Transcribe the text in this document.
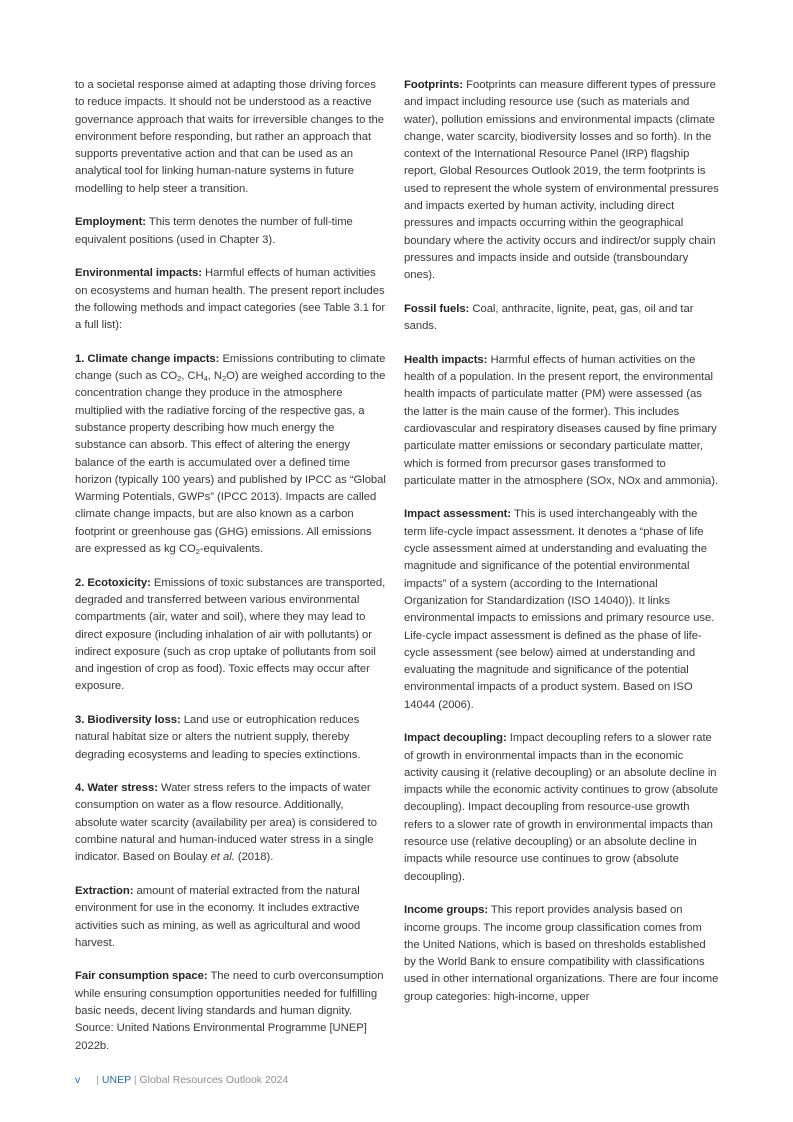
to a societal response aimed at adapting those driving forces to reduce impacts. It should not be understood as a reactive governance approach that waits for irreversible changes to the environment before responding, but rather an approach that supports preventative action and that can be used as an analytical tool for linking human-nature systems in future modelling to help steer a transition.

Employment: This term denotes the number of full-time equivalent positions (used in Chapter 3).

Environmental impacts: Harmful effects of human activities on ecosystems and human health. The present report includes the following methods and impact categories (see Table 3.1 for a full list):

1. Climate change impacts: Emissions contributing to climate change (such as $CO_2$, $CH_4$, $N_2O$) are weighed according to the concentration change they produce in the atmosphere multiplied with the radiative forcing of the respective gas, a substance property describing how much energy the substance can absorb. This effect of altering the energy balance of the earth is accumulated over a defined time horizon (typically 100 years) and published by IPCC as “Global Warming Potentials, GWPs” (IPCC 2013). Impacts are called climate change impacts, but are also known as a carbon footprint or greenhouse gas (GHG) emissions. All emissions are expressed as kg $CO_2$-equivalents.

2. Ecotoxicity: Emissions of toxic substances are transported, degraded and transferred between various environmental compartments (air, water and soil), where they may lead to direct exposure (including inhalation of air with pollutants) or indirect exposure (such as crop uptake of pollutants from soil and ingestion of crop as food). Toxic effects may occur after exposure.

3. Biodiversity loss: Land use or eutrophication reduces natural habitat size or alters the nutrient supply, thereby degrading ecosystems and leading to species extinctions.

4. Water stress: Water stress refers to the impacts of water consumption on water as a flow resource. Additionally, absolute water scarcity (availability per area) is considered to combine natural and human-induced water stress in a single indicator. Based on Boulay et al. (2018).

Extraction: amount of material extracted from the natural environment for use in the economy. It includes extractive activities such as mining, as well as agricultural and wood harvest.

Fair consumption space: The need to curb overconsumption while ensuring consumption opportunities needed for fulfilling basic needs, decent living standards and human dignity. Source: United Nations Environmental Programme [UNEP] 2022b.

Footprints: Footprints can measure different types of pressure and impact including resource use (such as materials and water), pollution emissions and environmental impacts (climate change, water scarcity, biodiversity losses and so forth). In the context of the International Resource Panel (IRP) flagship report, Global Resources Outlook 2019, the term footprints is used to represent the whole system of environmental pressures and impacts exerted by human activity, including direct pressures and impacts occurring within the geographical boundary where the activity occurs and indirect/or supply chain pressures and impacts inside and outside (transboundary ones).

Fossil fuels: Coal, anthracite, lignite, peat, gas, oil and tar sands.

Health impacts: Harmful effects of human activities on the health of a population. In the present report, the environmental health impacts of particulate matter (PM) were assessed (as the latter is the main cause of the former). This includes cardiovascular and respiratory diseases caused by fine primary particulate matter emissions or secondary particulate matter, which is formed from precursor gases transformed to particulate matter in the atmosphere (SOx, NOx and ammonia).

Impact assessment: This is used interchangeably with the term life-cycle impact assessment. It denotes a “phase of life cycle assessment aimed at understanding and evaluating the magnitude and significance of the potential environmental impacts” of a system (according to the International Organization for Standardization (ISO 14040)). It links environmental impacts to emissions and primary resource use. Life-cycle impact assessment is defined as the phase of life-cycle assessment (see below) aimed at understanding and evaluating the magnitude and significance of the potential environmental impacts of a product system. Based on ISO 14044 (2006).

Impact decoupling: Impact decoupling refers to a slower rate of growth in environmental impacts than in the economic activity causing it (relative decoupling) or an absolute decline in impacts while the economic activity continues to grow (absolute decoupling). Impact decoupling from resource-use growth refers to a slower rate of growth in environmental impacts than resource use (relative decoupling) or an absolute decline in impacts while resource use continues to grow (absolute decoupling).

Income groups: This report provides analysis based on income groups. The income group classification comes from the United Nations, which is based on thresholds established by the World Bank to ensure compatibility with classifications used in other international organizations. There are four income group categories: high-income, upper

v | UNEP | Global Resources Outlook 2024
